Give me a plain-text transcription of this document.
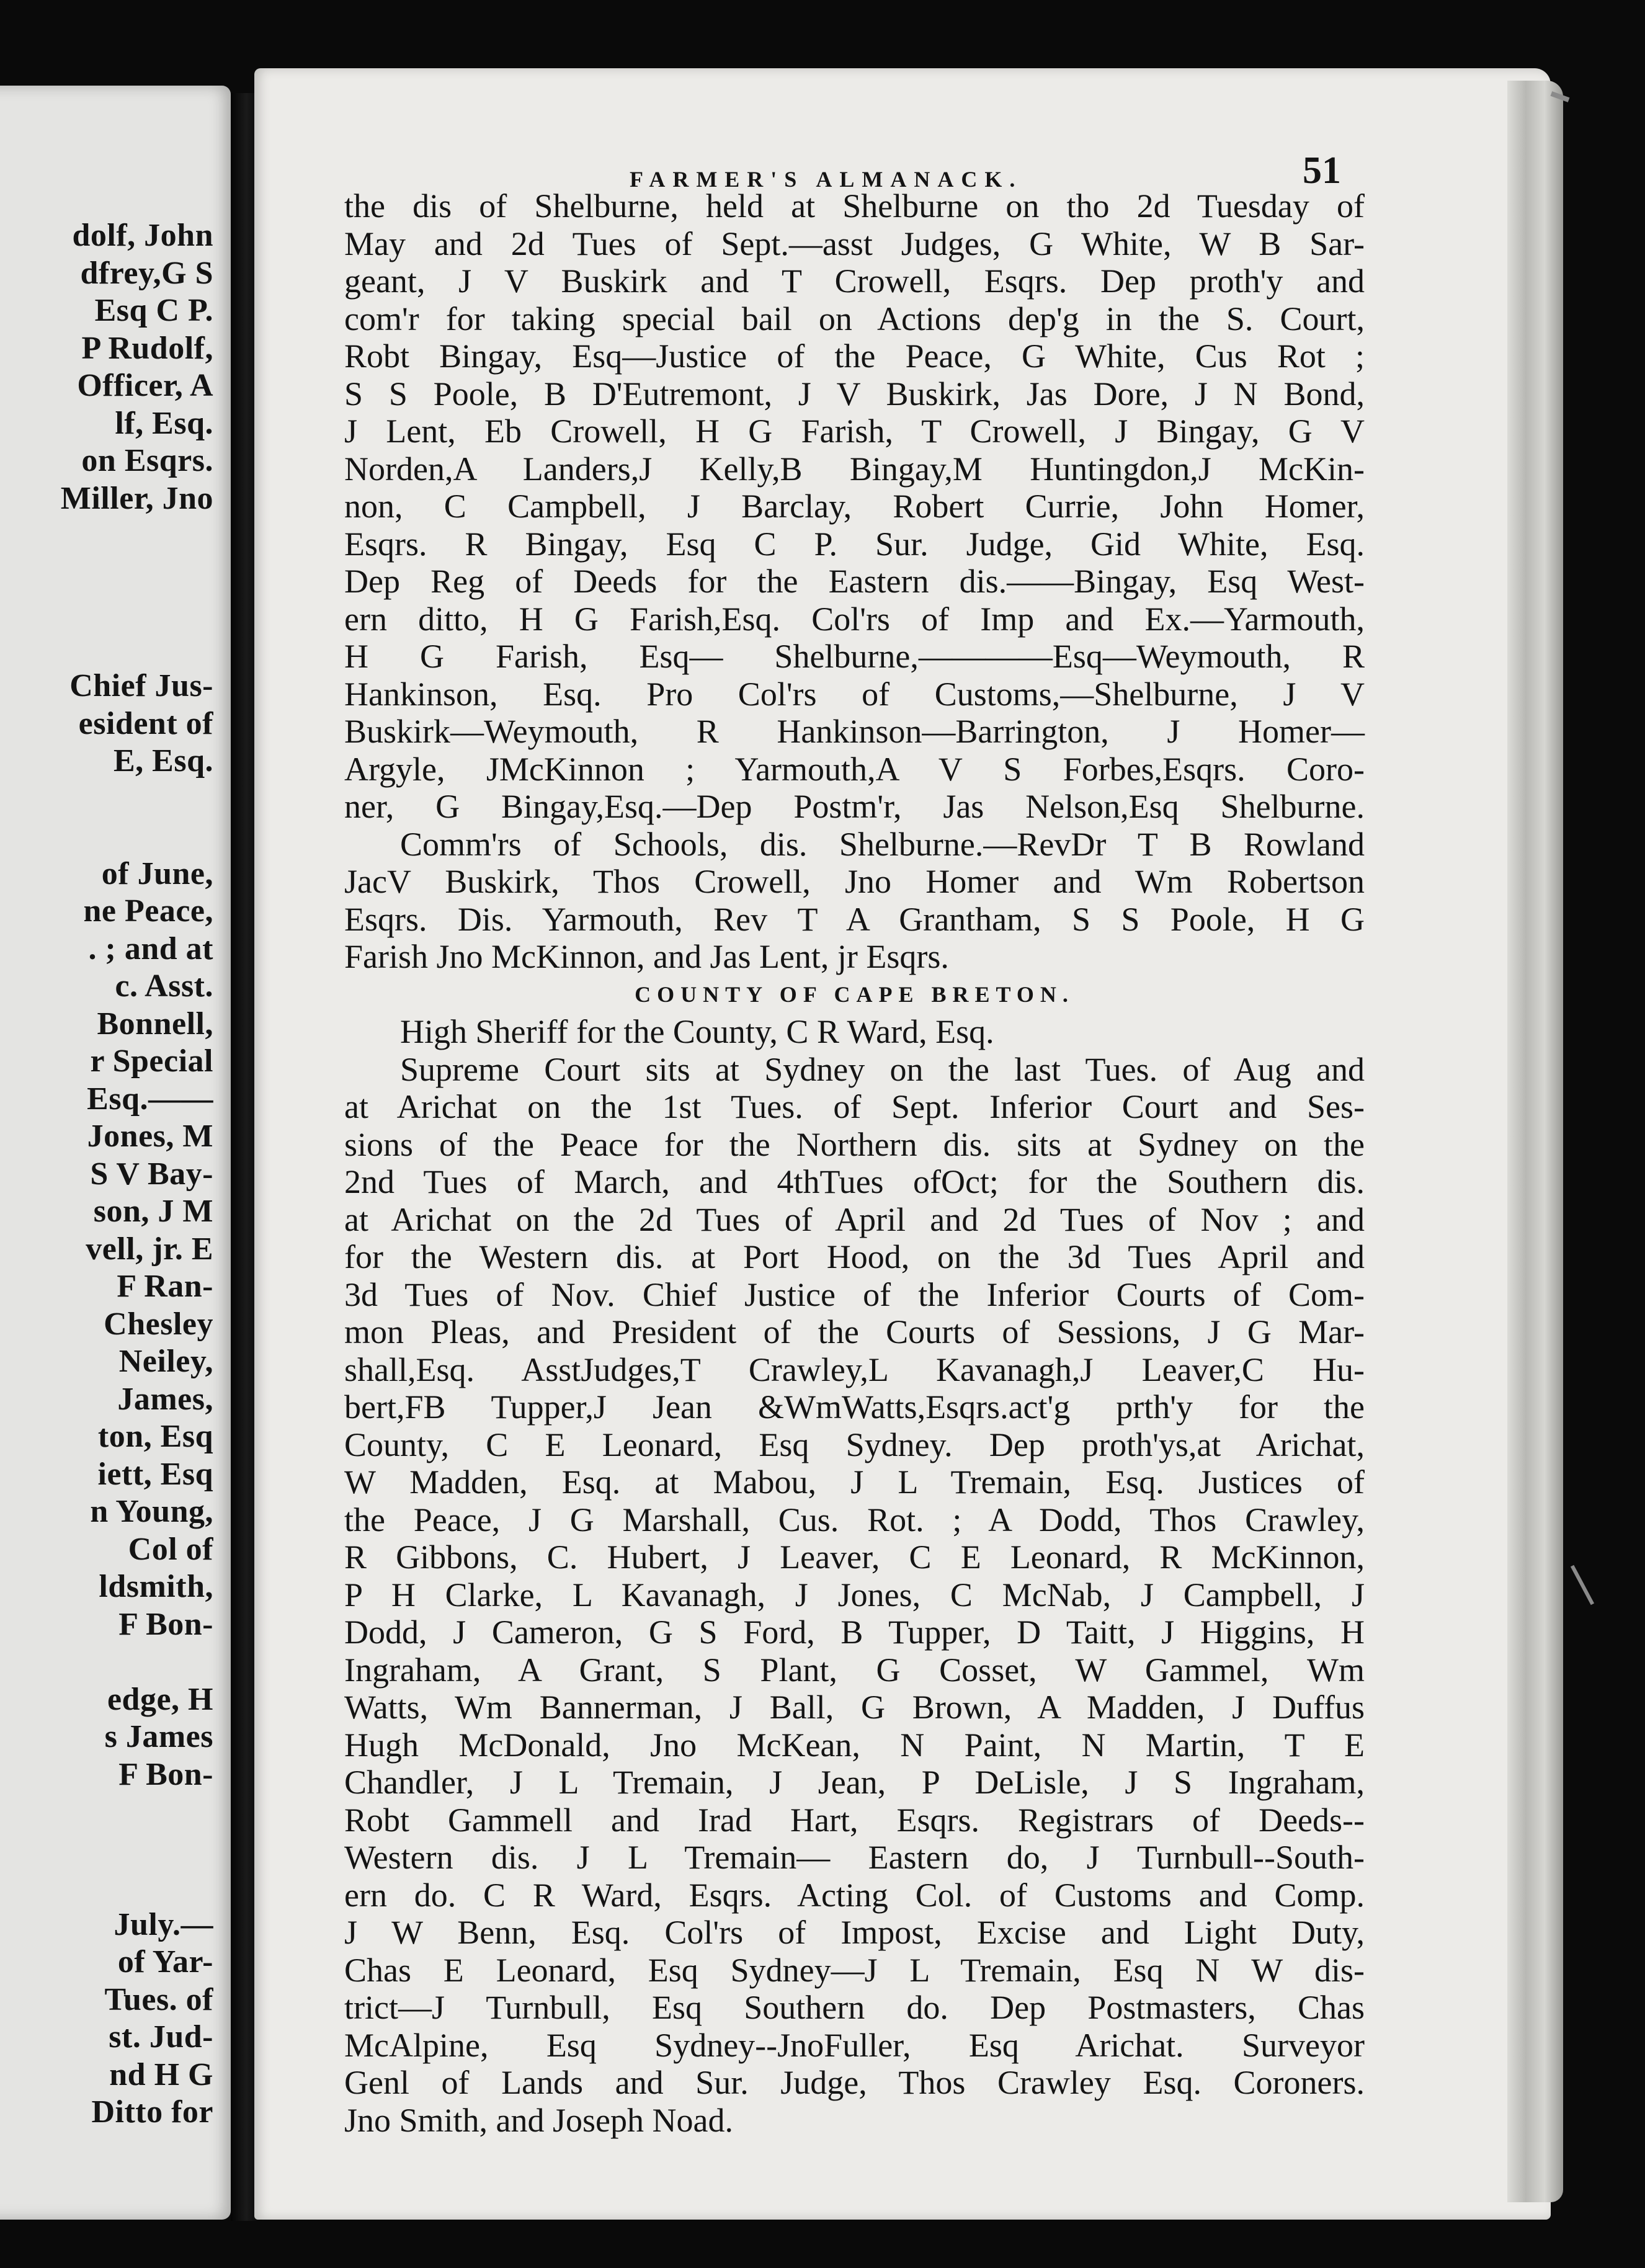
dolf, John
dfrey,G S
Esq C P.
P Rudolf,
Officer, A
lf, Esq.
on Esqrs.
Miller, Jno
Chief Jus-
esident of
E, Esq.
of June,
ne Peace,
. ; and at
c. Asst.
Bonnell,
r Special
Esq.——
Jones, M
S V Bay-
son, J M
vell, jr. E
F Ran-
Chesley
Neiley,
James,
ton, Esq
iett, Esq
n Young,
Col of
ldsmith,
F Bon-
edge, H
s James
F Bon-
July.—
of Yar-
Tues. of
st. Jud-
nd H G
Ditto for
FARMER'S ALMANACK.	51
the dis of Shelburne, held at Shelburne on tho 2d Tuesday of
May and 2d Tues of Sept.—asst Judges, G White, W B Sar-
geant, J V Buskirk and T Crowell, Esqrs. Dep proth'y and
com'r for taking special bail on Actions dep'g in the S. Court,
Robt Bingay, Esq—Justice of the Peace, G White, Cus Rot ;
S S Poole, B D'Eutremont, J V Buskirk, Jas Dore, J N Bond,
J Lent, Eb Crowell, H G Farish, T Crowell, J Bingay, G V
Norden,A Landers,J Kelly,B Bingay,M Huntingdon,J McKin-
non, C Campbell, J Barclay, Robert Currie, John Homer,
Esqrs. R Bingay, Esq C P. Sur. Judge, Gid White, Esq.
Dep Reg of Deeds for the Eastern dis.——Bingay, Esq West-
ern ditto, H G Farish,Esq. Col'rs of Imp and Ex.—Yarmouth,
H G Farish, Esq— Shelburne,————Esq—Weymouth, R
Hankinson, Esq. Pro Col'rs of Customs,—Shelburne, J V
Buskirk—Weymouth, R Hankinson—Barrington, J Homer—
Argyle, JMcKinnon ; Yarmouth,A V S Forbes,Esqrs. Coro-
ner, G Bingay,Esq.—Dep Postm'r, Jas Nelson,Esq Shelburne.
Comm'rs of Schools, dis. Shelburne.—RevDr T B Rowland
JacV Buskirk, Thos Crowell, Jno Homer and Wm Robertson
Esqrs. Dis. Yarmouth, Rev T A Grantham, S S Poole, H G
Farish Jno McKinnon, and Jas Lent, jr Esqrs.
COUNTY OF CAPE BRETON.
High Sheriff for the County, C R Ward, Esq.
Supreme Court sits at Sydney on the last Tues. of Aug and
at Arichat on the 1st Tues. of Sept. Inferior Court and Ses-
sions of the Peace for the Northern dis. sits at Sydney on the
2nd Tues of March, and 4thTues ofOct; for the Southern dis.
at Arichat on the 2d Tues of April and 2d Tues of Nov ; and
for the Western dis. at Port Hood, on the 3d Tues April and
3d Tues of Nov. Chief Justice of the Inferior Courts of Com-
mon Pleas, and President of the Courts of Sessions, J G Mar-
shall,Esq. AsstJudges,T Crawley,L Kavanagh,J Leaver,C Hu-
bert,FB Tupper,J Jean &WmWatts,Esqrs.act'g prth'y for the
County, C E Leonard, Esq Sydney. Dep proth'ys,at Arichat,
W Madden, Esq. at Mabou, J L Tremain, Esq. Justices of
the Peace, J G Marshall, Cus. Rot. ; A Dodd, Thos Crawley,
R Gibbons, C. Hubert, J Leaver, C E Leonard, R McKinnon,
P H Clarke, L Kavanagh, J Jones, C McNab, J Campbell, J
Dodd, J Cameron, G S Ford, B Tupper, D Taitt, J Higgins, H
Ingraham, A Grant, S Plant, G Cosset, W Gammel, Wm
Watts, Wm Bannerman, J Ball, G Brown, A Madden, J Duffus
Hugh McDonald, Jno McKean, N Paint, N Martin, T E
Chandler, J L Tremain, J Jean, P DeLisle, J S Ingraham,
Robt Gammell and Irad Hart, Esqrs. Registrars of Deeds--
Western dis. J L Tremain— Eastern do, J Turnbull--South-
ern do. C R Ward, Esqrs. Acting Col. of Customs and Comp.
J W Benn, Esq. Col'rs of Impost, Excise and Light Duty,
Chas E Leonard, Esq Sydney—J L Tremain, Esq N W dis-
trict—J Turnbull, Esq Southern do. Dep Postmasters, Chas
McAlpine, Esq Sydney--JnoFuller, Esq Arichat. Surveyor
Genl of Lands and Sur. Judge, Thos Crawley Esq. Coroners.
Jno Smith, and Joseph Noad.
